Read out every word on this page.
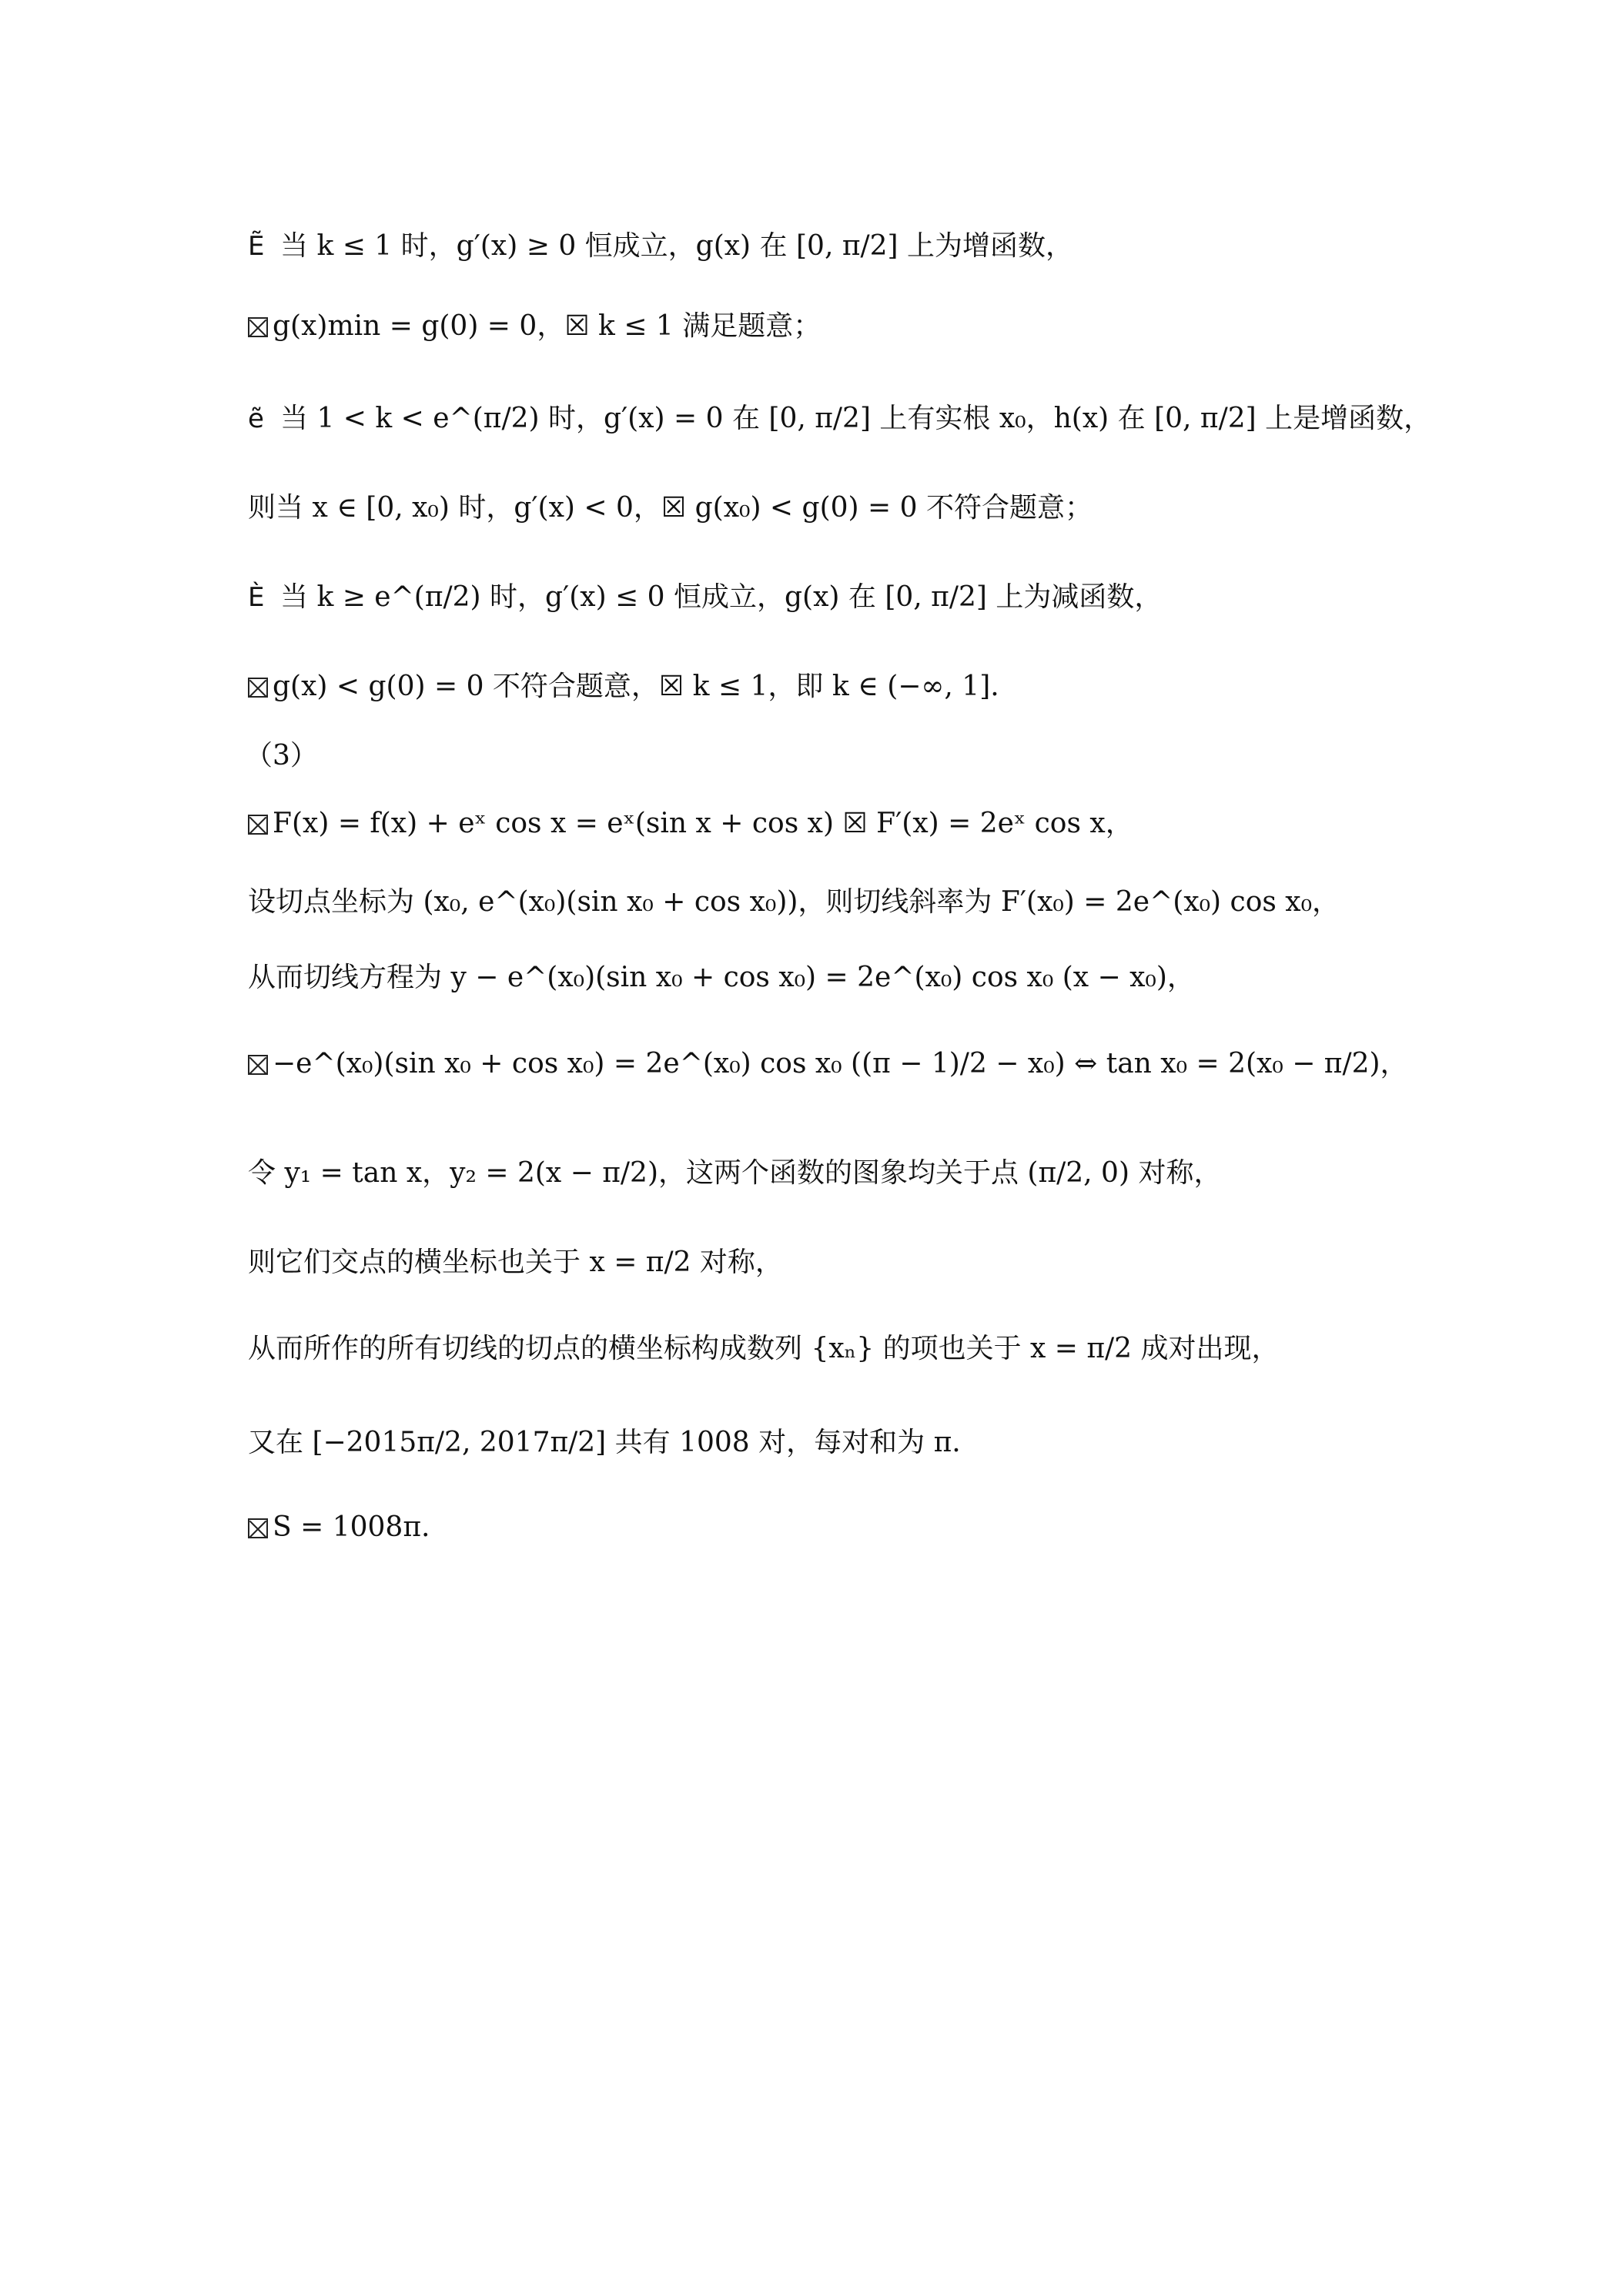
Ẽ 当 k ≤ 1 时，g′(x) ≥ 0 恒成立，g(x) 在 [0, π/2] 上为增函数，
g(x)min = g(0) = 0，☒ k ≤ 1 满足题意；
ẽ 当 1 < k < e^(π/2) 时，g′(x) = 0 在 [0, π/2] 上有实根 x₀，h(x) 在 [0, π/2] 上是增函数，
则当 x ∈ [0, x₀) 时，g′(x) < 0，☒ g(x₀) < g(0) = 0 不符合题意；
È 当 k ≥ e^(π/2) 时，g′(x) ≤ 0 恒成立，g(x) 在 [0, π/2] 上为减函数，
g(x) < g(0) = 0 不符合题意，☒ k ≤ 1，即 k ∈ (−∞, 1].
（3）
F(x) = f(x) + eˣ cos x = eˣ(sin x + cos x) ☒ F′(x) = 2eˣ cos x，
设切点坐标为 (x₀, e^(x₀)(sin x₀ + cos x₀))，则切线斜率为 F′(x₀) = 2e^(x₀) cos x₀，
从而切线方程为 y − e^(x₀)(sin x₀ + cos x₀) = 2e^(x₀) cos x₀ (x − x₀)，
−e^(x₀)(sin x₀ + cos x₀) = 2e^(x₀) cos x₀ ((π − 1)/2 − x₀) ⇔ tan x₀ = 2(x₀ − π/2)，
令 y₁ = tan x，y₂ = 2(x − π/2)，这两个函数的图象均关于点 (π/2, 0) 对称，
则它们交点的横坐标也关于 x = π/2 对称，
从而所作的所有切线的切点的横坐标构成数列 {xₙ} 的项也关于 x = π/2 成对出现，
又在 [−2015π/2, 2017π/2] 共有 1008 对，每对和为 π.
S = 1008π.
